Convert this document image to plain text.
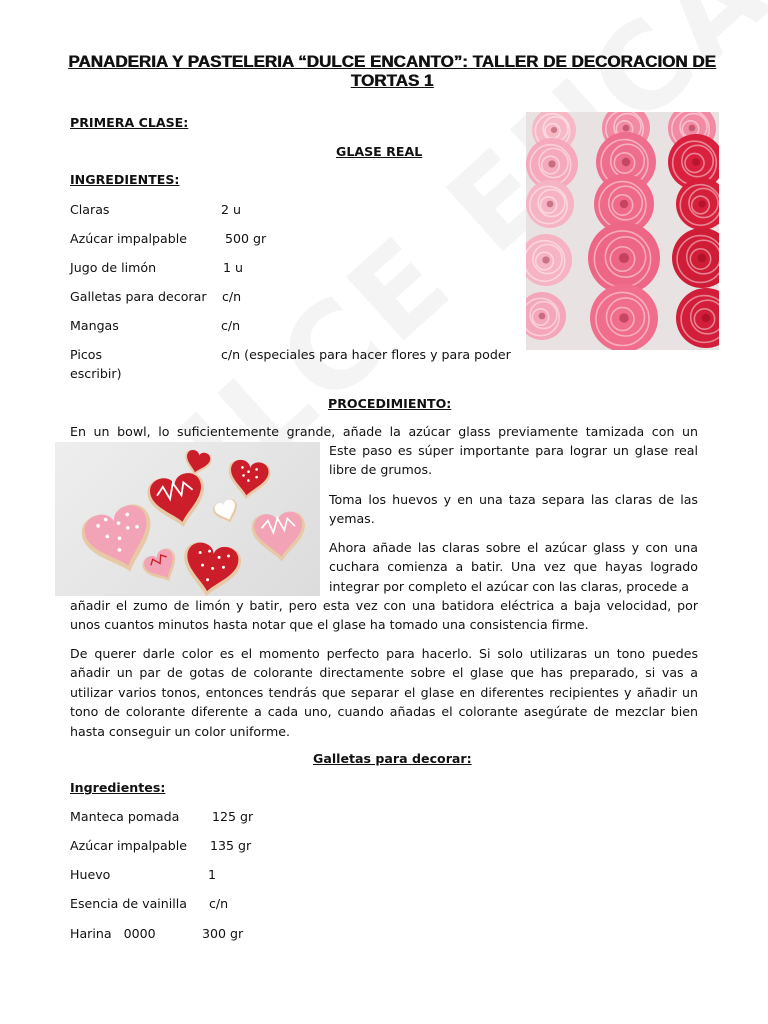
PANADERIA Y PASTELERIA “DULCE ENCANTO”: TALLER DE DECORACION DE TORTAS 1
PRIMERA CLASE:
GLASE REAL
INGREDIENTES:
Claras	2 u
Azúcar impalpable	500 gr
Jugo de limón	1 u
Galletas para decorar c/n
Mangas	c/n
Picos	c/n (especiales para hacer flores y para poder
escribir)
PROCEDIMIENTO:
En un bowl, lo suficientemente grande, añade la azúcar glass previamente tamizada con un
Este paso es súper importante para lograr un glase real libre de grumos.
Toma los huevos y en una taza separa las claras de las yemas.
Ahora añade las claras sobre el azúcar glass y con una cuchara comienza a batir. Una vez que hayas logrado integrar por completo el azúcar con las claras, procede a
añadir el zumo de limón y batir, pero esta vez con una batidora eléctrica a baja velocidad, por unos cuantos minutos hasta notar que el glase ha tomado una consistencia firme.
De querer darle color es el momento perfecto para hacerlo. Si solo utilizaras un tono puedes añadir un par de gotas de colorante directamente sobre el glase que has preparado, si vas a utilizar varios tonos, entonces tendrás que separar el glase en diferentes recipientes y añadir un tono de colorante diferente a cada uno, cuando añadas el colorante asegúrate de mezclar bien hasta conseguir un color uniforme.
Galletas para decorar:
Ingredientes:
Manteca pomada	125 gr
Azúcar impalpable 135 gr
Huevo	1
Esencia de vainilla c/n
Harina   0000	300 gr
